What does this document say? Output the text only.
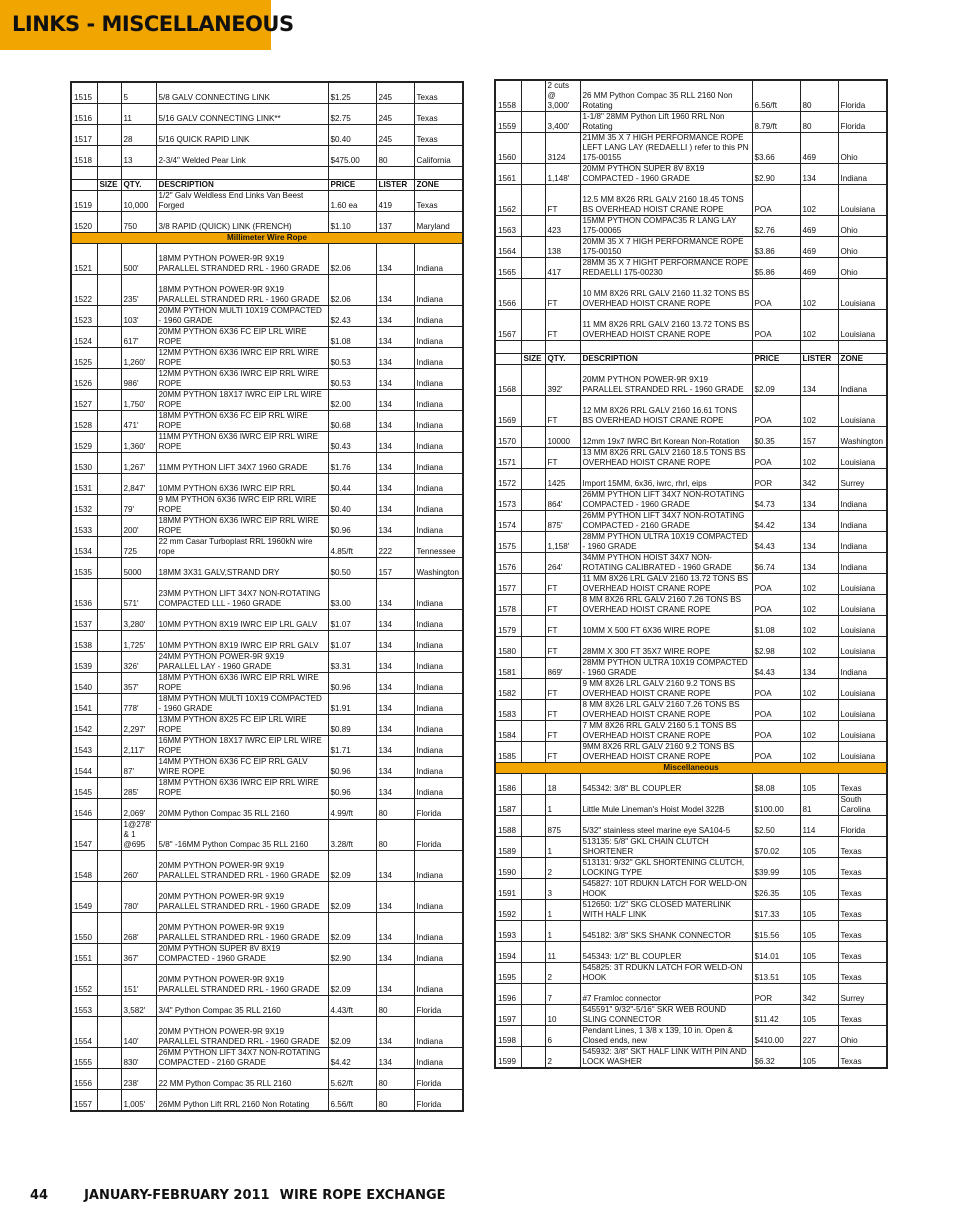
LINKS - MISCELLANEOUS
1515		5	5/8 GALV CONNECTING LINK	$1.25	245	Texas
1516		11	5/16 GALV CONNECTING LINK**	$2.75	245	Texas
1517		28	5/16 QUICK RAPID LINK	$0.40	245	Texas
1518		13	2-3/4" Welded Pear Link	$475.00	80	California

	SIZE	QTY.	DESCRIPTION	PRICE	LISTER	ZONE
1519		10,000	1/2" Galv Weldless End Links Van Beest Forged	1.60 ea	419	Texas
1520		750	3/8 RAPID (QUICK) LINK (FRENCH)	$1.10	137	Maryland
Millimeter Wire Rope						
1521		500'	18MM PYTHON POWER-9R 9X19 PARALLEL STRANDED RRL - 1960 GRADE	$2.06	134	Indiana
1522		235'	18MM PYTHON POWER-9R 9X19 PARALLEL STRANDED RRL - 1960 GRADE	$2.06	134	Indiana
1523		103'	20MM PYTHON MULTI 10X19 COMPACTED - 1960 GRADE	$2.43	134	Indiana
1524		617'	20MM PYTHON 6X36 FC EIP LRL WIRE ROPE	$1.08	134	Indiana
1525		1,260'	12MM PYTHON 6X36 IWRC EIP RRL WIRE ROPE	$0.53	134	Indiana
1526		986'	12MM PYTHON 6X36 IWRC EIP RRL WIRE ROPE	$0.53	134	Indiana
1527		1,750'	20MM PYTHON 18X17 IWRC EIP LRL WIRE ROPE	$2.00	134	Indiana
1528		471'	18MM PYTHON 6X36 FC EIP RRL WIRE ROPE	$0.68	134	Indiana
1529		1,360'	11MM PYTHON 6X36 IWRC EIP RRL WIRE ROPE	$0.43	134	Indiana
1530		1,267'	11MM PYTHON LIFT 34X7 1960 GRADE	$1.76	134	Indiana
1531		2,847'	10MM PYTHON 6X36 IWRC EIP RRL	$0.44	134	Indiana
1532		79'	9 MM PYTHON 6X36 IWRC EIP RRL WIRE ROPE	$0.40	134	Indiana
1533		200'	18MM PYTHON 6X36 IWRC EIP RRL WIRE ROPE	$0.96	134	Indiana
1534		725	22 mm Casar Turboplast RRL 1960kN wire rope	4.85/ft	222	Tennessee
1535		5000	18MM 3X31 GALV,STRAND DRY	$0.50	157	Washington
1536		571'	23MM PYTHON LIFT 34X7 NON-ROTATING COMPACTED LLL - 1960 GRADE	$3.00	134	Indiana
1537		3,280'	10MM PYTHON 8X19 IWRC EIP LRL GALV	$1.07	134	Indiana
1538		1,725'	10MM PYTHON 8X19 IWRC EIP RRL GALV	$1.07	134	Indiana
1539		326'	24MM PYTHON POWER-9R 9X19 PARALLEL LAY - 1960 GRADE	$3.31	134	Indiana
1540		357'	18MM PYTHON 6X36 IWRC EIP RRL WIRE ROPE	$0.96	134	Indiana
1541		778'	18MM PYTHON MULTI 10X19 COMPACTED - 1960 GRADE	$1.91	134	Indiana
1542		2,297'	13MM PYTHON 8X25 FC EIP LRL WIRE ROPE	$0.89	134	Indiana
1543		2,117'	16MM PYTHON 18X17 IWRC EIP LRL WIRE ROPE	$1.71	134	Indiana
1544		87'	14MM PYTHON 6X36 FC EIP RRL GALV WIRE ROPE	$0.96	134	Indiana
1545		285'	18MM PYTHON 6X36 IWRC EIP RRL WIRE ROPE	$0.96	134	Indiana
1546		2,069'	20MM Python Compac 35 RLL 2160	4.99/ft	80	Florida
1547		1@278' & 1 @695	5/8" -16MM Python Compac 35 RLL 2160	3.28/ft	80	Florida
1548		260'	20MM PYTHON POWER-9R 9X19 PARALLEL STRANDED RRL - 1960 GRADE	$2.09	134	Indiana
1549		780'	20MM PYTHON POWER-9R 9X19 PARALLEL STRANDED RRL - 1960 GRADE	$2.09	134	Indiana
1550		268'	20MM PYTHON POWER-9R 9X19 PARALLEL STRANDED RRL - 1960 GRADE	$2.09	134	Indiana
1551		367'	20MM PYTHON SUPER 8V 8X19 COMPACTED - 1960 GRADE	$2.90	134	Indiana
1552		151'	20MM PYTHON POWER-9R 9X19 PARALLEL STRANDED RRL - 1960 GRADE	$2.09	134	Indiana
1553		3,582'	3/4" Python Compac 35 RLL 2160	4.43/ft	80	Florida
1554		140'	20MM PYTHON POWER-9R 9X19 PARALLEL STRANDED RRL - 1960 GRADE	$2.09	134	Indiana
1555		830'	26MM PYTHON LIFT 34X7 NON-ROTATING COMPACTED - 2160 GRADE	$4.42	134	Indiana
1556		238'	22 MM Python Compac 35 RLL 2160	5.62/ft	80	Florida
1557		1,005'	26MM Python Lift RRL 2160 Non Rotating	6.56/ft	80	Florida
1558		2 cuts @ 3,000'	26 MM Python Compac 35 RLL 2160 Non Rotating	6.56/ft	80	Florida
1559		3,400'	1-1/8" 28MM Python Lift 1960 RRL Non Rotating	8.79/ft	80	Florida
1560		3124	21MM 35 X 7 HIGH PERFORMANCE ROPE LEFT LANG LAY (REDAELLI ) refer to this PN 175-00155	$3.66	469	Ohio
1561		1,148'	20MM PYTHON SUPER 8V 8X19 COMPACTED - 1960 GRADE	$2.90	134	Indiana
1562		FT	12.5 MM 8X26 RRL GALV 2160 18.45 TONS BS OVERHEAD HOIST CRANE ROPE	POA	102	Louisiana
1563		423	15MM PYTHON COMPAC35 R LANG LAY 175-00065	$2.76	469	Ohio
1564		138	20MM 35 X 7 HIGH PERFORMANCE ROPE 175-00150	$3.86	469	Ohio
1565		417	28MM 35 X 7 HIGHT PERFORMANCE ROPE REDAELLI 175-00230	$5.86	469	Ohio
1566		FT	10 MM 8X26 RRL GALV 2160 11.32 TONS BS OVERHEAD HOIST CRANE ROPE	POA	102	Louisiana
1567		FT	11 MM 8X26 RRL GALV 2160 13.72 TONS BS OVERHEAD HOIST CRANE ROPE	POA	102	Louisiana

	SIZE	QTY.	DESCRIPTION	PRICE	LISTER	ZONE
1568		392'	20MM PYTHON POWER-9R 9X19 PARALLEL STRANDED RRL - 1960 GRADE	$2.09	134	Indiana
1569		FT	12 MM 8X26 RRL GALV 2160 16.61 TONS BS OVERHEAD HOIST CRANE ROPE	POA	102	Louisiana
1570		10000	12mm 19x7 IWRC Brt Korean Non-Rotation	$0.35	157	Washington
1571		FT	13 MM 8X26 RRL GALV 2160 18.5 TONS BS OVERHEAD HOIST CRANE ROPE	POA	102	Louisiana
1572		1425	Import 15MM, 6x36, iwrc, rhrl, eips	POR	342	Surrey
1573		864'	26MM PYTHON LIFT 34X7 NON-ROTATING COMPACTED - 1960 GRADE	$4.73	134	Indiana
1574		875'	26MM PYTHON LIFT 34X7 NON-ROTATING COMPACTED - 2160 GRADE	$4.42	134	Indiana
1575		1,158'	28MM PYTHON ULTRA 10X19 COMPACTED - 1960 GRADE	$4.43	134	Indiana
1576		264'	34MM PYTHON HOIST 34X7 NON-ROTATING CALIBRATED - 1960 GRADE	$6.74	134	Indiana
1577		FT	11 MM 8X26 LRL GALV 2160 13.72 TONS BS OVERHEAD HOIST CRANE ROPE	POA	102	Louisiana
1578		FT	8 MM 8X26 RRL GALV 2160 7.26 TONS BS OVERHEAD HOIST CRANE ROPE	POA	102	Louisiana
1579		FT	10MM X 500 FT 6X36 WIRE ROPE	$1.08	102	Louisiana
1580		FT	28MM X 300 FT 35X7 WIRE ROPE	$2.98	102	Louisiana
1581		869'	28MM PYTHON ULTRA 10X19 COMPACTED - 1960 GRADE	$4.43	134	Indiana
1582		FT	9 MM 8X26 LRL GALV 2160 9.2 TONS BS OVERHEAD HOIST CRANE ROPE	POA	102	Louisiana
1583		FT	8 MM 8X26 LRL GALV 2160 7.26 TONS BS OVERHEAD HOIST CRANE ROPE	POA	102	Louisiana
1584		FT	7 MM 8X26 RRL GALV 2160 5.1 TONS BS OVERHEAD HOIST CRANE ROPE	POA	102	Louisiana
1585		FT	9MM 8X26 RRL GALV 2160 9.2 TONS BS OVERHEAD HOIST CRANE ROPE	POA	102	Louisiana
Miscellaneous						
1586		18	545342: 3/8" BL COUPLER	$8.08	105	Texas
1587		1	Little Mule Lineman's Hoist Model 322B	$100.00	81	South Carolina
1588		875	5/32" stainless steel marine eye SA104-5	$2.50	114	Florida
1589		1	513135: 5/8" GKL CHAIN CLUTCH SHORTENER	$70.02	105	Texas
1590		2	513131: 9/32" GKL SHORTENING CLUTCH, LOCKING TYPE	$39.99	105	Texas
1591		3	545827: 10T RDUKN LATCH FOR WELD-ON HOOK	$26.35	105	Texas
1592		1	512650: 1/2" SKG CLOSED MATERLINK WITH HALF LINK	$17.33	105	Texas
1593		1	545182: 3/8" SKS SHANK CONNECTOR	$15.56	105	Texas
1594		11	545343: 1/2" BL COUPLER	$14.01	105	Texas
1595		2	545825: 3T RDUKN LATCH FOR WELD-ON HOOK	$13.51	105	Texas
1596		7	#7 Framloc connector	POR	342	Surrey
1597		10	545591" 9/32"-5/16" SKR WEB ROUND SLING CONNECTOR	$11.42	105	Texas
1598		6	Pendant Lines, 1 3/8 x 139, 10 in. Open & Closed ends, new	$410.00	227	Ohio
1599		2	545932: 3/8" SKT HALF LINK WITH PIN AND LOCK WASHER	$6.32	105	Texas
44	JANUARY-FEBRUARY 2011 WIRE ROPE EXCHANGE
